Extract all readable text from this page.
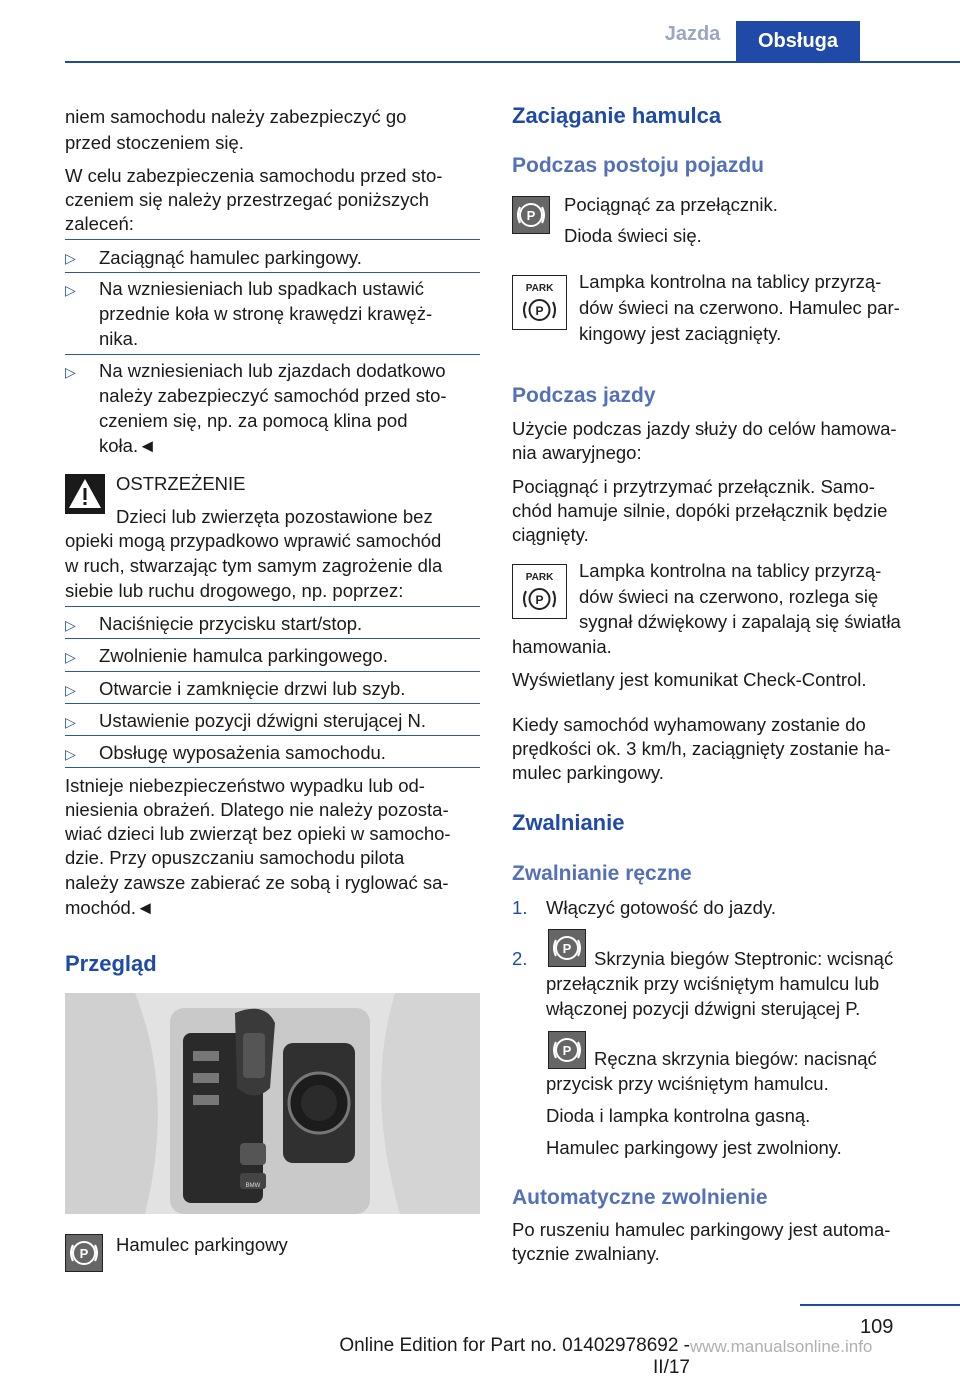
Jazda	Obsługa

niem samochodu należy zabezpieczyć go

przed stoczeniem się.

W celu zabezpieczenia samochodu przed sto‐

czeniem się należy przestrzegać poniższych

zaleceń:

▷ Zaciągnąć hamulec parkingowy.

▷ Na wzniesieniach lub spadkach ustawić

przednie koła w stronę krawędzi krawęż‐

nika.

▷ Na wzniesieniach lub zjazdach dodatkowo

należy zabezpieczyć samochód przed sto‐

czeniem się, np. za pomocą klina pod

koła.◄

OSTRZEŻENIE

Dzieci lub zwierzęta pozostawione bez

opieki mogą przypadkowo wprawić samochód

w ruch, stwarzając tym samym zagrożenie dla

siebie lub ruchu drogowego, np. poprzez:

▷ Naciśnięcie przycisku start/stop.

▷ Zwolnienie hamulca parkingowego.

▷ Otwarcie i zamknięcie drzwi lub szyb.

▷ Ustawienie pozycji dźwigni sterującej N.

▷ Obsługę wyposażenia samochodu.

Istnieje niebezpieczeństwo wypadku lub od‐

niesienia obrażeń. Dlatego nie należy pozosta‐

wiać dzieci lub zwierząt bez opieki w samocho‐

dzie. Przy opuszczaniu samochodu pilota

należy zawsze zabierać ze sobą i ryglować sa‐

mochód.◄

Przegląd

BMW
P Hamulec parkingowy

Zaciąganie hamulca

Podczas postoju pojazdu

P

Pociągnąć za przełącznik.

Dioda świeci się.

PARK
P

Lampka kontrolna na tablicy przyrzą‐

dów świeci na czerwono. Hamulec par‐

kingowy jest zaciągnięty.

Podczas jazdy

Użycie podczas jazdy służy do celów hamowa‐

nia awaryjnego:

Pociągnąć i przytrzymać przełącznik. Samo‐

chód hamuje silnie, dopóki przełącznik będzie

ciągnięty.

PARK
P

Lampka kontrolna na tablicy przyrzą‐

dów świeci na czerwono, rozlega się

sygnał dźwiękowy i zapalają się światła

hamowania.

Wyświetlany jest komunikat Check-Control.

Kiedy samochód wyhamowany zostanie do

prędkości ok. 3 km/h, zaciągnięty zostanie ha‐

mulec parkingowy.

Zwalnianie

Zwalnianie ręczne

1. Włączyć gotowość do jazdy.

2.	P Skrzynia biegów Steptronic: wcisnąć

przełącznik przy wciśniętym hamulcu lub

włączonej pozycji dźwigni sterującej P.

P Ręczna skrzynia biegów: nacisnąć

przycisk przy wciśniętym hamulcu.

Dioda i lampka kontrolna gasną.

Hamulec parkingowy jest zwolniony.

Automatyczne zwolnienie

Po ruszeniu hamulec parkingowy jest automa‐

tycznie zwalniany.

109
Online Edition for Part no. 01402978692 - II/17
www.manualsonline.info
